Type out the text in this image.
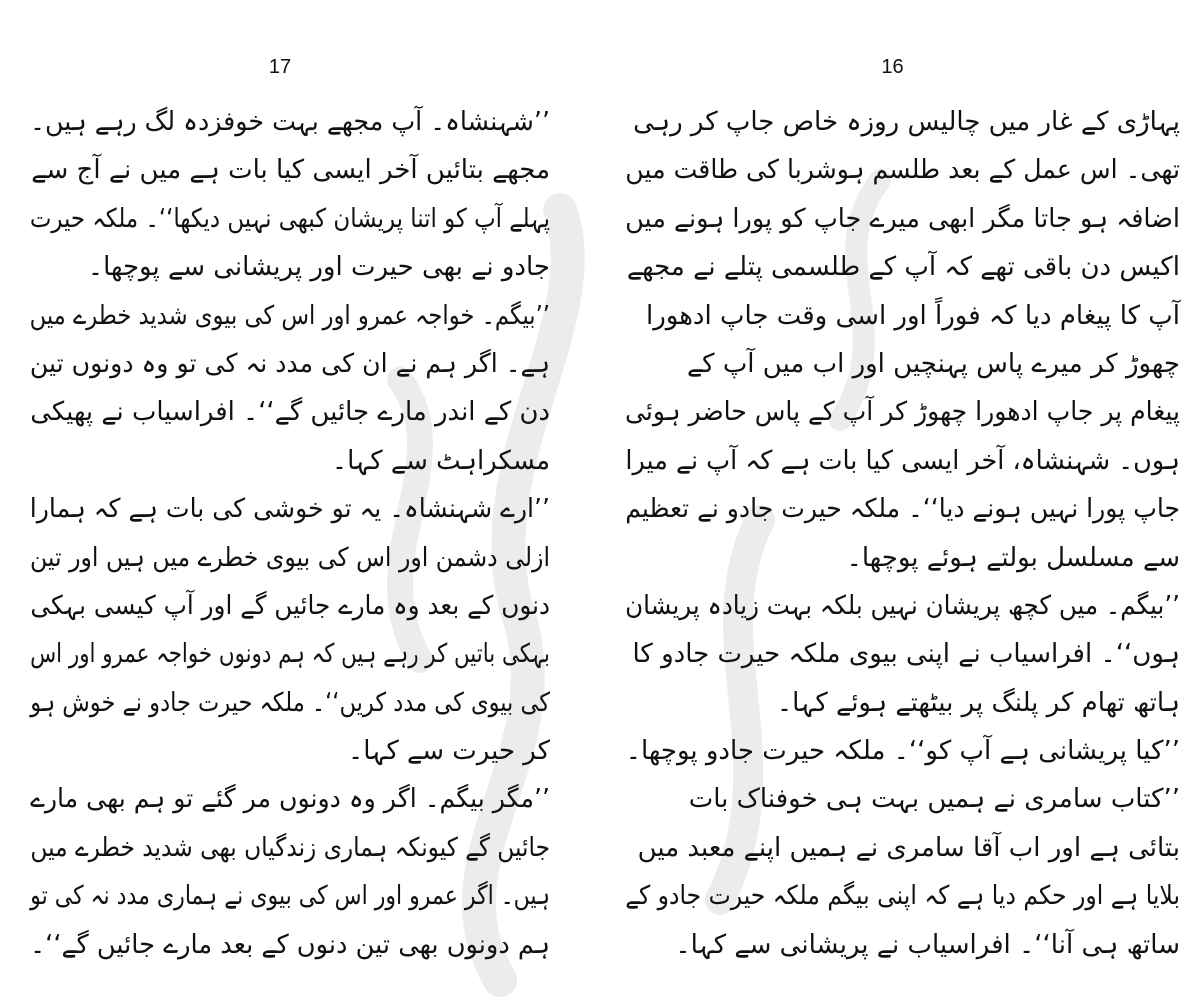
17
’’شہنشاہ۔ آپ مجھے بہت خوفزدہ لگ رہے ہیں۔
مجھے بتائیں آخر ایسی کیا بات ہے میں نے آج سے
پہلے آپ کو اتنا پریشان کبھی نہیں دیکھا‘‘۔ ملکہ حیرت
جادو نے بھی حیرت اور پریشانی سے پوچھا۔
’’بیگم۔ خواجہ عمرو اور اس کی بیوی شدید خطرے میں
ہے۔ اگر ہم نے ان کی مدد نہ کی تو وہ دونوں تین
دن کے اندر مارے جائیں گے‘‘۔ افراسیاب نے پھیکی
مسکراہٹ سے کہا۔
’’ارے شہنشاہ۔ یہ تو خوشی کی بات ہے کہ ہمارا
ازلی دشمن اور اس کی بیوی خطرے میں ہیں اور تین
دنوں کے بعد وہ مارے جائیں گے اور آپ کیسی بہکی
بہکی باتیں کر رہے ہیں کہ ہم دونوں خواجہ عمرو اور اس
کی بیوی کی مدد کریں‘‘۔ ملکہ حیرت جادو نے خوش ہو
کر حیرت سے کہا۔
’’مگر بیگم۔ اگر وہ دونوں مر گئے تو ہم بھی مارے
جائیں گے کیونکہ ہماری زندگیاں بھی شدید خطرے میں
ہیں۔ اگر عمرو اور اس کی بیوی نے ہماری مدد نہ کی تو
ہم دونوں بھی تین دنوں کے بعد مارے جائیں گے‘‘۔
16
پہاڑی کے غار میں چالیس روزہ خاص جاپ کر رہی
تھی۔ اس عمل کے بعد طلسم ہوشربا کی طاقت میں
اضافہ ہو جاتا مگر ابھی میرے جاپ کو پورا ہونے میں
اکیس دن باقی تھے کہ آپ کے طلسمی پتلے نے مجھے
آپ کا پیغام دیا کہ فوراً اور اسی وقت جاپ ادھورا
چھوڑ کر میرے پاس پہنچیں اور اب میں آپ کے
پیغام پر جاپ ادھورا چھوڑ کر آپ کے پاس حاضر ہوئی
ہوں۔ شہنشاہ، آخر ایسی کیا بات ہے کہ آپ نے میرا
جاپ پورا نہیں ہونے دیا‘‘۔ ملکہ حیرت جادو نے تعظیم
سے مسلسل بولتے ہوئے پوچھا۔
’’بیگم۔ میں کچھ پریشان نہیں بلکہ بہت زیادہ پریشان
ہوں‘‘۔ افراسیاب نے اپنی بیوی ملکہ حیرت جادو کا
ہاتھ تھام کر پلنگ پر بیٹھتے ہوئے کہا۔
’’کیا پریشانی ہے آپ کو‘‘۔ ملکہ حیرت جادو پوچھا۔
’’کتاب سامری نے ہمیں بہت ہی خوفناک بات
بتائی ہے اور اب آقا سامری نے ہمیں اپنے معبد میں
بلایا ہے اور حکم دیا ہے کہ اپنی بیگم ملکہ حیرت جادو کے
ساتھ ہی آنا‘‘۔ افراسیاب نے پریشانی سے کہا۔
